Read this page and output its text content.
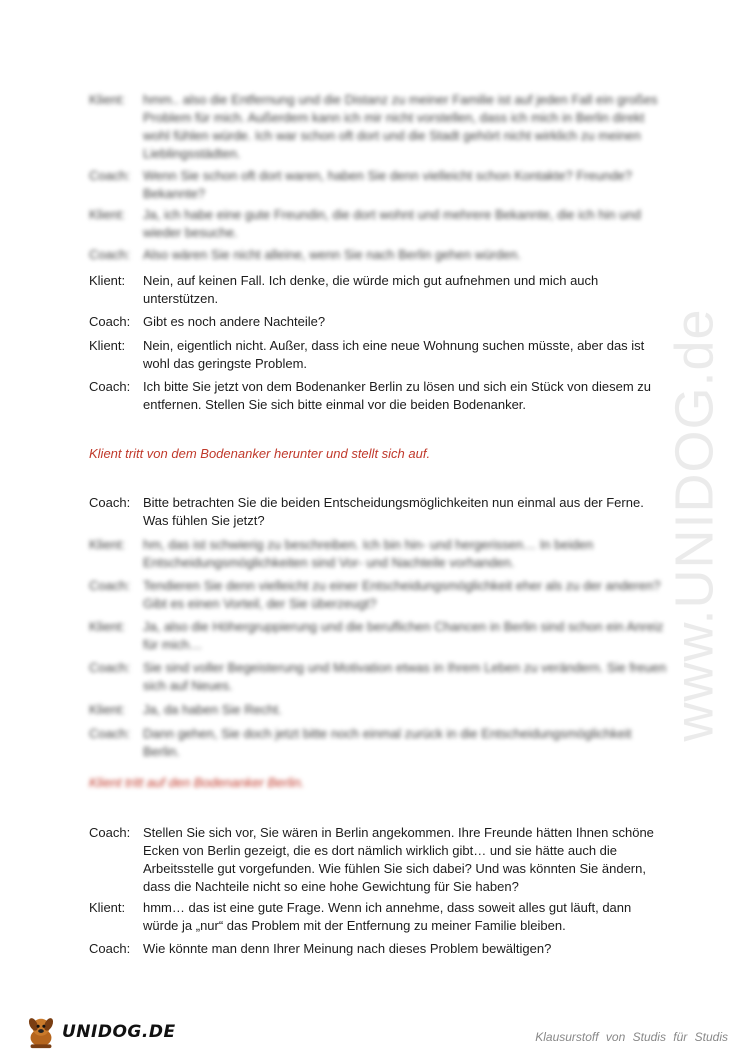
www.UNIDOG.de
Klient:	hmm.. also die Entfernung und die Distanz zu meiner Familie ist auf jeden Fall ein großes Problem für mich. Außerdem kann ich mir nicht vorstellen, dass ich mich in Berlin direkt wohl fühlen würde. Ich war schon oft dort und die Stadt gehört nicht wirklich zu meinen Lieblingsstädten.
Coach: Wenn Sie schon oft dort waren, haben Sie denn vielleicht schon Kontakte? Freunde? Bekannte?
Klient:	Ja, ich habe eine gute Freundin, die dort wohnt und mehrere Bekannte, die ich hin und wieder besuche.
Coach: Also wären Sie nicht alleine, wenn Sie nach Berlin gehen würden.
Klient:	Nein, auf keinen Fall. Ich denke, die würde mich gut aufnehmen und mich auch unterstützen.
Coach: Gibt es noch andere Nachteile?
Klient:	Nein, eigentlich nicht. Außer, dass ich eine neue Wohnung suchen müsste, aber das ist wohl das geringste Problem.
Coach: Ich bitte Sie jetzt von dem Bodenanker Berlin zu lösen und sich ein Stück von diesem zu entfernen. Stellen Sie sich bitte einmal vor die beiden Bodenanker.
Klient tritt von dem Bodenanker herunter und stellt sich auf.
Coach: Bitte betrachten Sie die beiden Entscheidungsmöglichkeiten nun einmal aus der Ferne. Was fühlen Sie jetzt?
Klient:	hm, das ist schwierig zu beschreiben. Ich bin hin- und hergerissen… In beiden Entscheidungsmöglichkeiten sind Vor- und Nachteile vorhanden.
Coach: Tendieren Sie denn vielleicht zu einer Entscheidungsmöglichkeit eher als zu der anderen? Gibt es einen Vorteil, der Sie überzeugt?
Klient:	Ja, also die Höhergruppierung und die beruflichen Chancen in Berlin sind schon ein Anreiz für mich…
Coach: Sie sind voller Begeisterung und Motivation etwas in Ihrem Leben zu verändern. Sie freuen sich auf Neues.
Klient:	Ja, da haben Sie Recht.
Coach: Dann gehen, Sie doch jetzt bitte noch einmal zurück in die Entscheidungsmöglichkeit Berlin.
Klient tritt auf den Bodenanker Berlin.
Coach: Stellen Sie sich vor, Sie wären in Berlin angekommen. Ihre Freunde hätten Ihnen schöne Ecken von Berlin gezeigt, die es dort nämlich wirklich gibt… und sie hätte auch die Arbeitsstelle gut vorgefunden. Wie fühlen Sie sich dabei? Und was könnten Sie ändern, dass die Nachteile nicht so eine hohe Gewichtung für Sie haben?
Klient:	hmm… das ist eine gute Frage. Wenn ich annehme, dass soweit alles gut läuft, dann würde ja „nur“ das Problem mit der Entfernung zu meiner Familie bleiben.
Coach: Wie könnte man denn Ihrer Meinung nach dieses Problem bewältigen?
UNIDOG.DE	Klausurstoff von Studis für Studis
